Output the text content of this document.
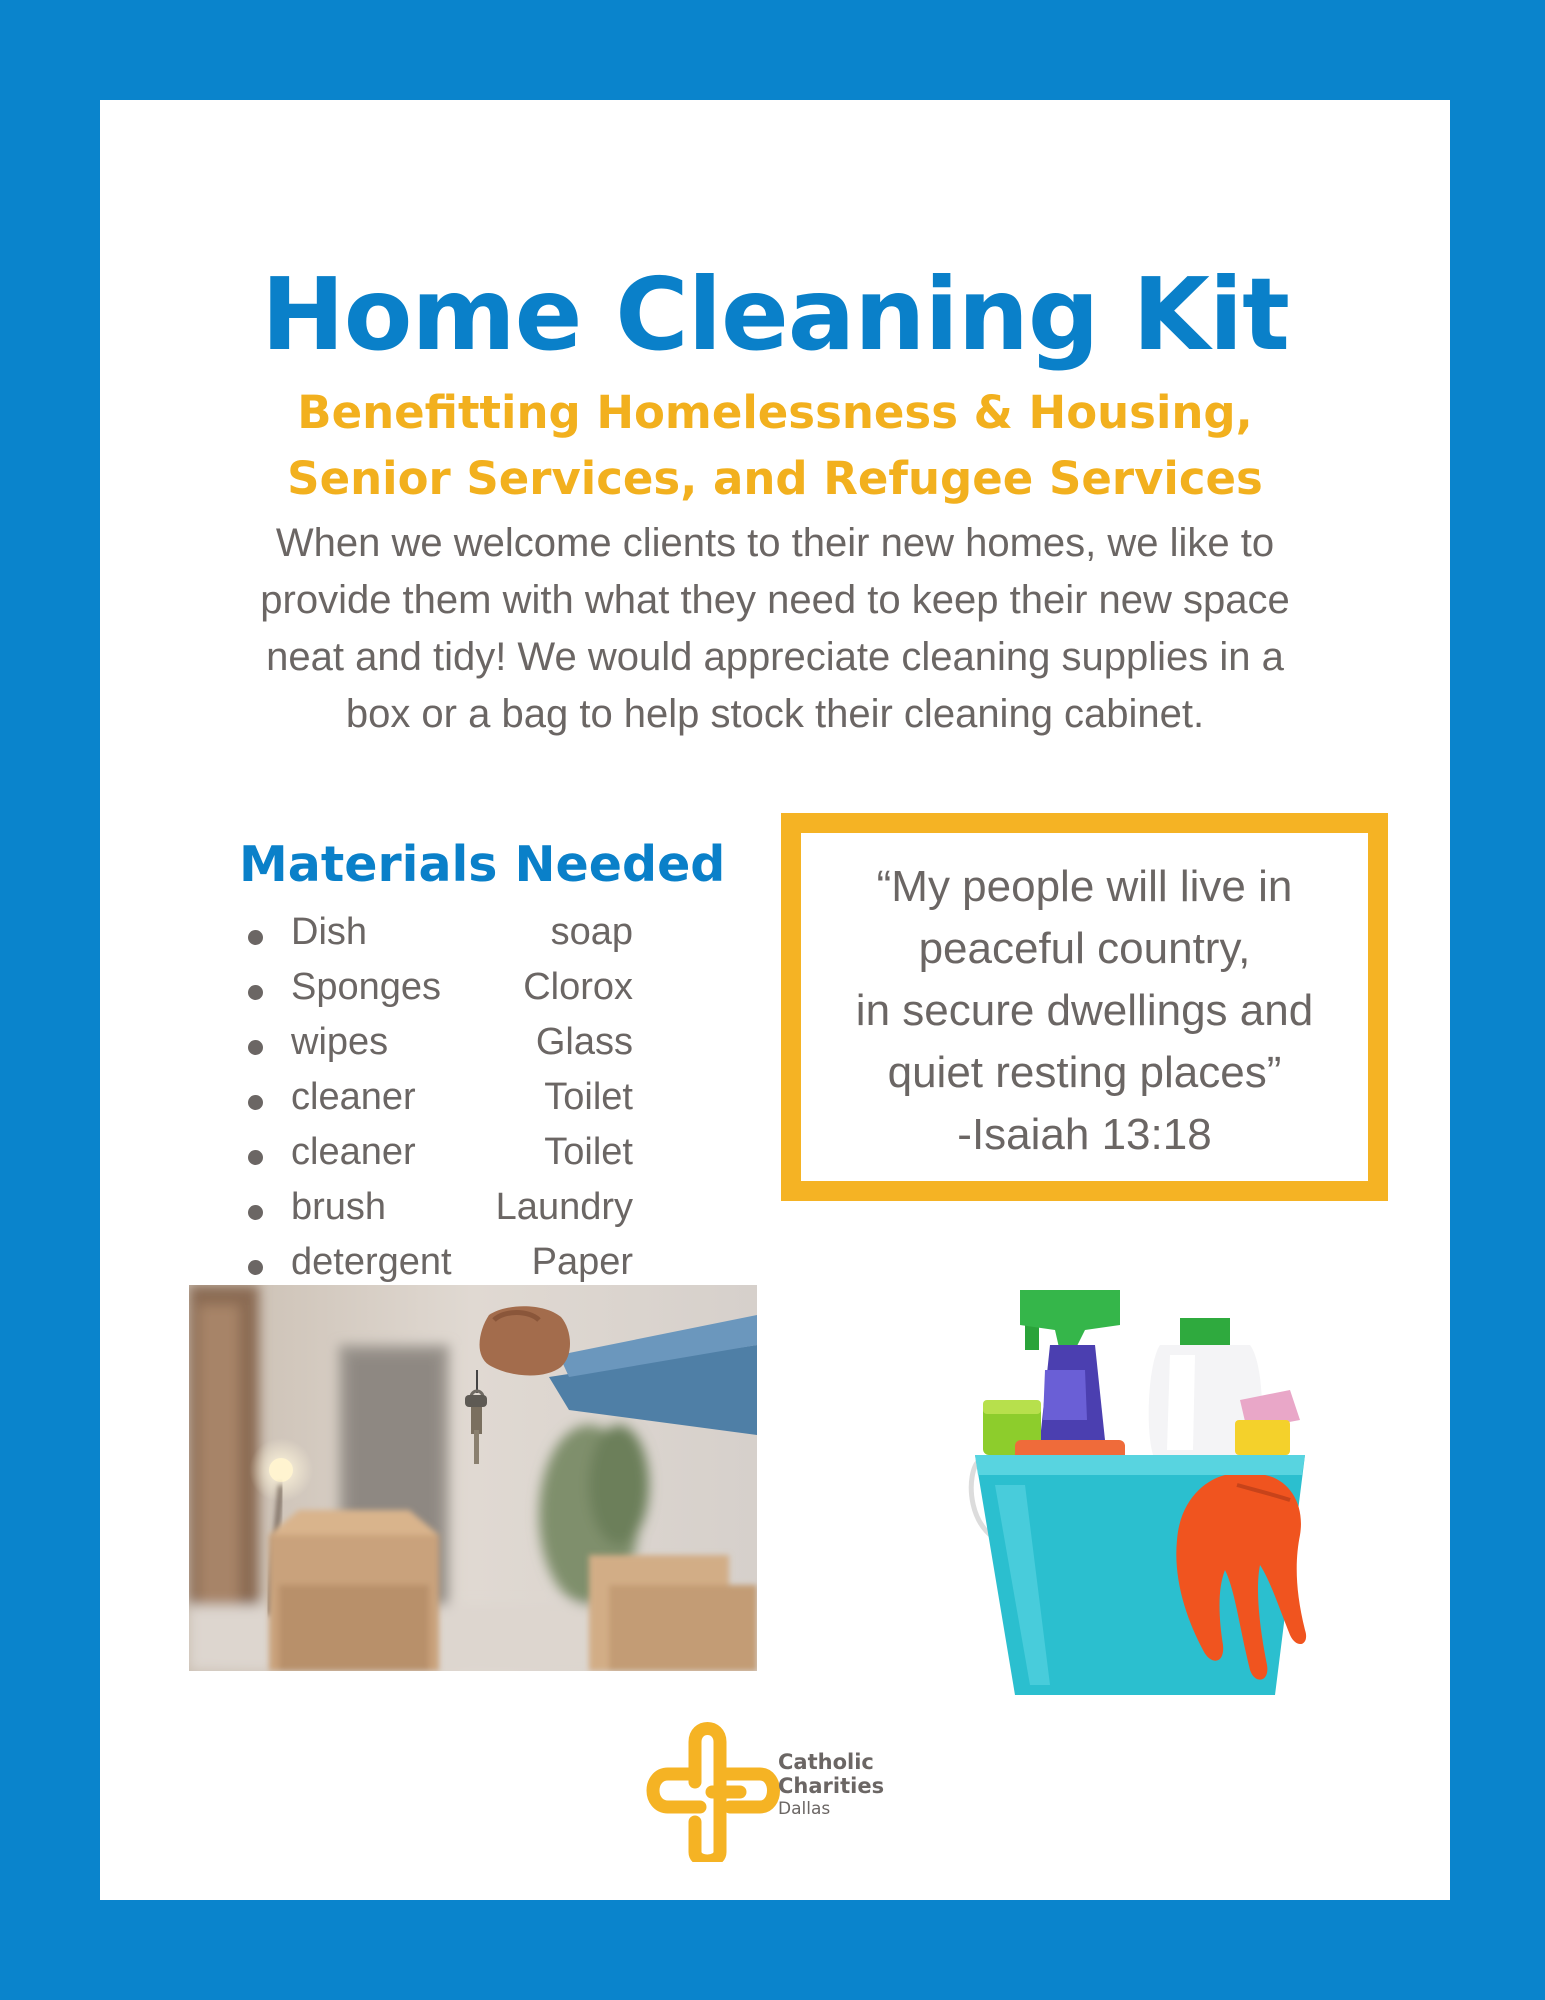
Home Cleaning Kit
Benefitting Homelessness & Housing,
Senior Services, and Refugee Services
When we welcome clients to their new homes, we like to
provide them with what they need to keep their new space
neat and tidy! We would appreciate cleaning supplies in a
box or a bag to help stock their cleaning cabinet.
Materials Needed
Dish	soap
Sponges	Clorox
wipes	Glass
cleaner	Toilet
cleaner	Toilet
brush	Laundry
detergent	Paper
“My people will live in
peaceful country,
in secure dwellings and
quiet resting places”
-Isaiah 13:18
Catholic
Charities
Dallas
